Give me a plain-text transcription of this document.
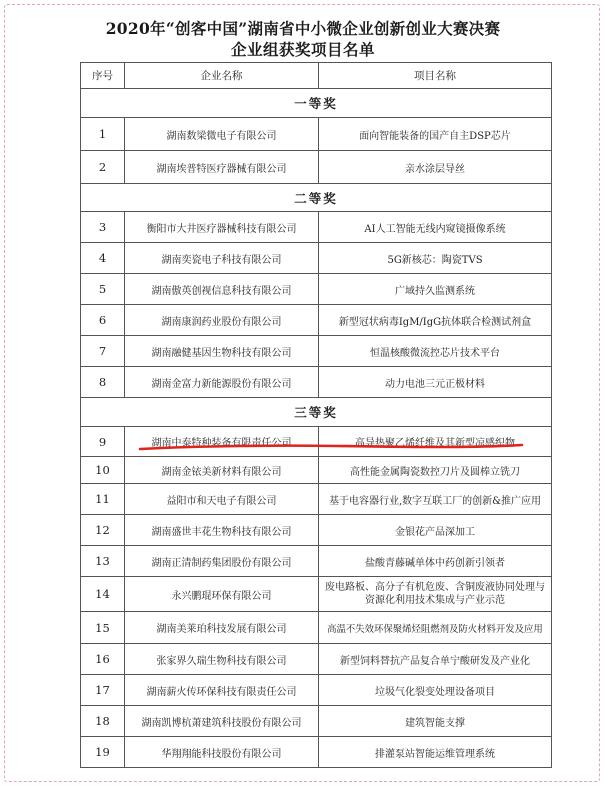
2020年“创客中国”湖南省中小微企业创新创业大赛决赛
企业组获奖项目名单
序号	企业名称	项目名称
一等奖		
1	湖南数梁微电子有限公司	面向智能装备的国产自主DSP芯片
2	湖南埃普特医疗器械有限公司	亲水涂层导丝
二等奖		
3	衡阳市大井医疗器械科技有限公司	AI人工智能无线内窥镜摄像系统
4	湖南奕瓷电子科技有限公司	5G新核芯：陶瓷TVS
5	湖南傲英创视信息科技有限公司	广域持久监测系统
6	湖南康润药业股份有限公司	新型冠状病毒IgM/IgG抗体联合检测试剂盒
7	湖南融健基因生物科技有限公司	恒温核酸微流控芯片技术平台
8	湖南金富力新能源股份有限公司	动力电池三元正极材料
三等奖		
9	湖南中泰特种装备有限责任公司	高导热聚乙烯纤维及其新型凉感织物
10	湖南金铱美新材料有限公司	高性能金属陶瓷数控刀片及圆棒立铣刀
11	益阳市和天电子有限公司	基于电容器行业,数字互联工厂的创新&推广应用
12	湖南盛世丰花生物科技有限公司	金银花产品深加工
13	湖南正清制药集团股份有限公司	盐酸青藤碱单体中药创新引领者
14	永兴鹏琨环保有限公司	废电路板、高分子有机危废、含铜废液协同处理与资源化利用技术集成与产业示范
15	湖南美莱珀科技发展有限公司	高温不失效环保聚烯烃阻燃剂及防火材料开发及应用
16	张家界久瑞生物科技有限公司	新型饲料替抗产品复合单宁酸研发及产业化
17	湖南薪火传环保科技有限责任公司	垃圾气化裂变处理设备项目
18	湖南凯博杭萧建筑科技股份有限公司	建筑智能支撑
19	华翔翔能科技股份有限公司	排灌泵站智能运维管理系统
